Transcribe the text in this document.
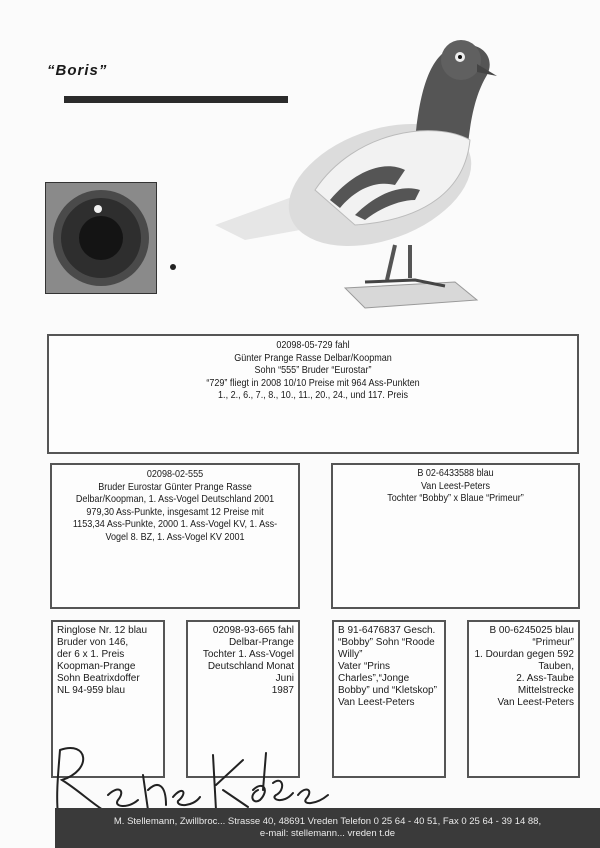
“Boris”
02098-05-729 fahl
Günter Prange Rasse Delbar/Koopman
Sohn “555” Bruder “Eurostar”
“729” fliegt in 2008 10/10 Preise mit 964 Ass-Punkten
1., 2., 6., 7., 8., 10., 11., 20., 24., und 117. Preis
02098-02-555
Bruder Eurostar Günter Prange Rasse Delbar/Koopman, 1. Ass-Vogel Deutschland 2001 979,30 Ass-Punkte, insgesamt 12 Preise mit 1153,34 Ass-Punkte, 2000 1. Ass-Vogel KV, 1. Ass-Vogel 8. BZ, 1. Ass-Vogel KV 2001
B 02-6433588 blau
Van Leest-Peters
Tochter “Bobby” x Blaue “Primeur”
Ringlose Nr. 12 blau
Bruder von 146,
der 6 x 1. Preis
Koopman-Prange
Sohn Beatrixdoffer
NL 94-959 blau
02098-93-665 fahl
Delbar-Prange
Tochter 1. Ass-Vogel
Deutschland Monat Juni
1987
B 91-6476837 Gesch.
“Bobby” Sohn “Roode Willy”
Vater “Prins Charles”,“Jonge
Bobby” und “Kletskop”
Van Leest-Peters
B 00-6245025 blau
“Primeur”
1. Dourdan gegen 592
Tauben,
2. Ass-Taube Mittelstrecke
Van Leest-Peters
M. Stellemann, Zwillbroc... Strasse 40, 48691 Vreden Telefon 0 25 64 - 40 51, Fax 0 25 64 - 39 14 88,
e-mail: stellemann... vreden t.de
